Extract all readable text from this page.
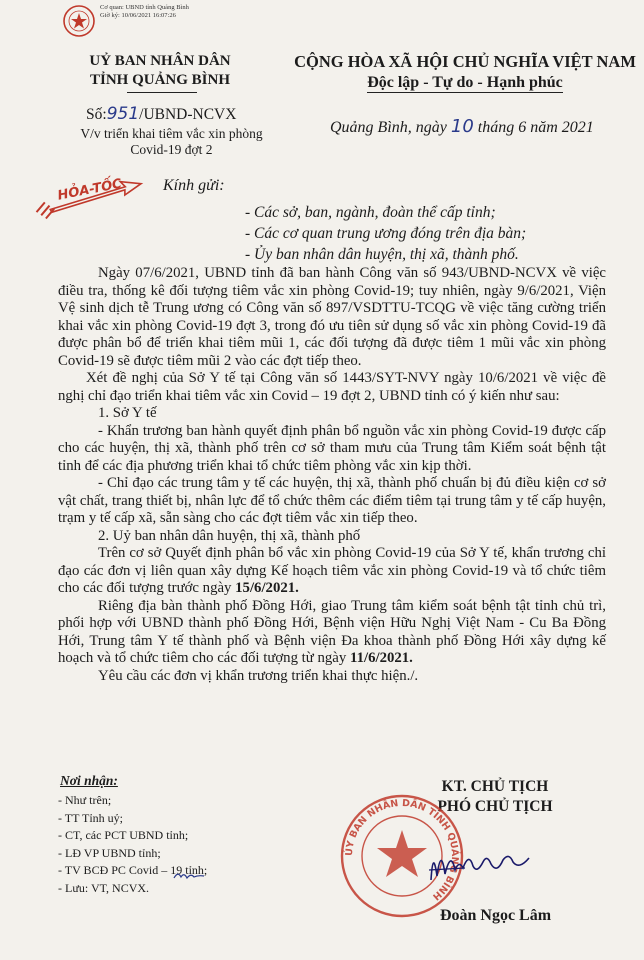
Cơ quan: UBND tỉnh Quảng Bình
Giờ ký: 10/06/2021 16:07:26
UỶ BAN NHÂN DÂN
TỈNH QUẢNG BÌNH
CỘNG HÒA XÃ HỘI CHỦ NGHĨA VIỆT NAM
Độc lập - Tự do - Hạnh phúc
Số:951/UBND-NCVX
V/v triển khai tiêm vắc xin phòng
Covid-19 đợt 2
Quảng Bình, ngày 10 tháng 6 năm 2021
HỎA-TỐC Kính gửi:
- Các sở, ban, ngành, đoàn thể cấp tỉnh;
- Các cơ quan trung ương đóng trên địa bàn;
- Ủy ban nhân dân huyện, thị xã, thành phố.

Ngày 07/6/2021, UBND tỉnh đã ban hành Công văn số 943/UBND-NCVX về việc điều tra, thống kê đối tượng tiêm vắc xin phòng Covid-19; tuy nhiên, ngày 9/6/2021, Viện Vệ sinh dịch tễ Trung ương có Công văn số 897/VSDTTU-TCQG về việc tăng cường triển khai vắc xin phòng Covid-19 đợt 3, trong đó ưu tiên sử dụng số vắc xin phòng Covid-19 đã được phân bổ để triển khai tiêm mũi 1, các đối tượng đã được tiêm 1 mũi vắc xin phòng Covid-19 sẽ được tiêm mũi 2 vào các đợt tiếp theo.

Xét đề nghị của Sở Y tế tại Công văn số 1443/SYT-NVY ngày 10/6/2021 về việc đề nghị chỉ đạo triển khai tiêm vắc xin Covid – 19 đợt 2, UBND tỉnh có ý kiến như sau:

1. Sở Y tế

- Khẩn trương ban hành quyết định phân bổ nguồn vắc xin phòng Covid-19 được cấp cho các huyện, thị xã, thành phố trên cơ sở tham mưu của Trung tâm Kiểm soát bệnh tật tỉnh để các địa phương triển khai tổ chức tiêm phòng vắc xin kịp thời.

- Chỉ đạo các trung tâm y tế các huyện, thị xã, thành phố chuẩn bị đủ điều kiện cơ sở vật chất, trang thiết bị, nhân lực để tổ chức thêm các điểm tiêm tại trung tâm y tế cấp huyện, trạm y tế cấp xã, sẵn sàng cho các đợt tiêm vắc xin tiếp theo.

2. Uỷ ban nhân dân huyện, thị xã, thành phố

Trên cơ sở Quyết định phân bổ vắc xin phòng Covid-19 của Sở Y tế, khẩn trương chỉ đạo các đơn vị liên quan xây dựng Kế hoạch tiêm vắc xin phòng Covid-19 và tổ chức tiêm cho các đối tượng trước ngày 15/6/2021.

Riêng địa bàn thành phố Đồng Hới, giao Trung tâm kiểm soát bệnh tật tỉnh chủ trì, phối hợp với UBND thành phố Đồng Hới, Bệnh viện Hữu Nghị Việt Nam - Cu Ba Đồng Hới, Trung tâm Y tế thành phố và Bệnh viện Đa khoa thành phố Đồng Hới xây dựng kế hoạch và tổ chức tiêm cho các đối tượng từ ngày 11/6/2021.

Yêu cầu các đơn vị khẩn trương triển khai thực hiện./.

Nơi nhận:
- Như trên;
- TT Tỉnh uỷ;
- CT, các PCT UBND tỉnh;
- LĐ VP UBND tỉnh;
- TV BCĐ PC Covid – 19 tỉnh;
- Lưu: VT, NCVX.
KT. CHỦ TỊCH
PHÓ CHỦ TỊCH
ỦY BAN NHÂN DÂN TỈNH QUẢNG BÌNH
Đoàn Ngọc Lâm
